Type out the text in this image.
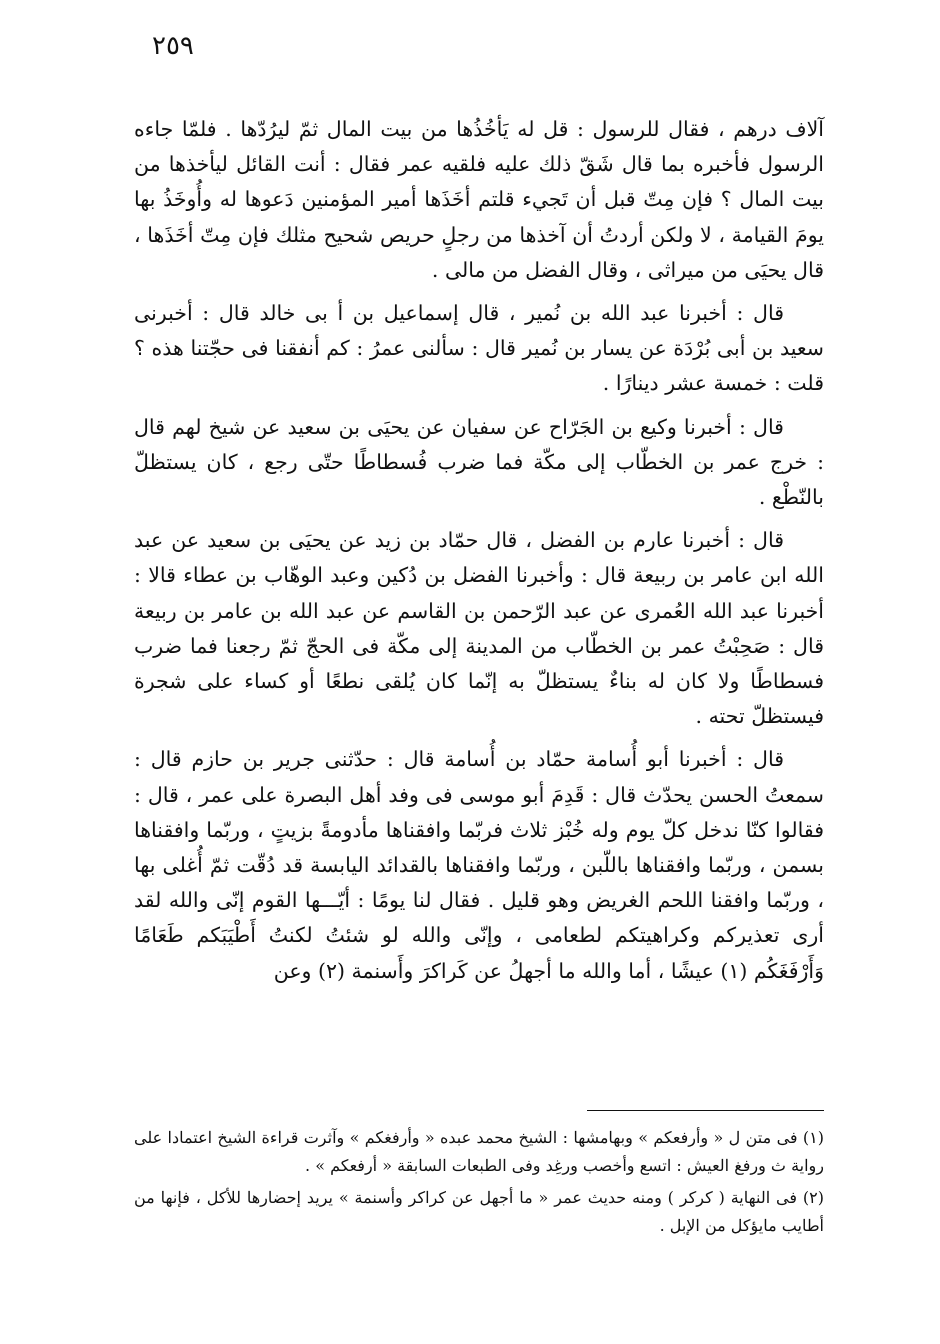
٢٥٩

آلاف درهم ، فقال للرسول : قل له يَأخُذُها من بيت المال ثمّ ليرُدّها . فلمّا جاءه الرسول فأخبره بما قال شَقّ ذلك عليه فلقيه عمر فقال : أنت القائل ليأخذها من بيت المال ؟ فإن مِتّ قبل أن تَجيء قلتم أخَذَها أمير المؤمنين دَعوها له وأُوخَذُ بها يومَ القيامة ، لا ولكن أردتُ أن آخذها من رجلٍ حريص شحيح مثلك فإن مِتّ أخَذَها ، قال يحيَى من ميراثى ، وقال الفضل من مالى .

قال : أخبرنا عبد الله بن نُمير ، قال إسماعيل بن أ بى خالد قال : أخبرنى سعيد بن أبى بُرْدَة عن يسار بن نُمير قال : سألنى عمرُ : كم أنفقنا فى حجّتنا هذه ؟ قلت : خمسة عشر دينارًا .

قال : أخبرنا وكيع بن الجَرّاح عن سفيان عن يحيَى بن سعيد عن شيخ لهم قال : خرج عمر بن الخطّاب إلى مكّة فما ضرب فُسطاطًا حتّى رجع ، كان يستظلّ بالنّطْع .

قال : أخبرنا عارم بن الفضل ، قال حمّاد بن زيد عن يحيَى بن سعيد عن عبد الله ابن عامر بن ربيعة قال : وأخبرنا الفضل بن دُكين وعبد الوهّاب بن عطاء قالا : أخبرنا عبد الله العُمرى عن عبد الرّحمن بن القاسم عن عبد الله بن عامر بن ربيعة قال : صَحِبْتُ عمر بن الخطّاب من المدينة إلى مكّة فى الحجّ ثمّ رجعنا فما ضرب فسطاطًا ولا كان له بناءٌ يستظلّ به إنّما كان يُلقى نطعًا أو كساء على شجرة فيستظلّ تحته .

قال : أخبرنا أبو أُسامة حمّاد بن أُسامة قال : حدّثنى جرير بن حازم قال : سمعتُ الحسن يحدّث قال : قَدِمَ أبو موسى فى وفد أهل البصرة على عمر ، قال : فقالوا كنّا ندخل كلّ يوم وله خُبْز ثلاث فربّما وافقناها مأدومةً بزيتٍ ، وربّما وافقناها بسمن ، وربّما وافقناها باللّبن ، وربّما وافقناها بالقدائد اليابسة قد دُقّت ثمّ أُغلى بها ، وربّما وافقنا اللحم الغريض وهو قليل . فقال لنا يومًا : أيّـــها القوم إنّى والله لقد أرى تعذيركم وكراهيتكم لطعامى ، وإنّى والله لو شئتُ لكنتُ أَطْيَبَكم طَعَامًا وَأَرْفَغَكُم (١) عيشًا ، أما والله ما أجهلُ عن كَراكرَ وأَسنمة (٢) وعن

(١) فى متن ل « وأرفعكم » وبهامشها : الشيخ محمد عبده « وأرفغكم » وآثرت قراءة الشيخ اعتمادا على رواية ث ورفغ العيش : اتسع وأخصب ورغِد وفى الطبعات السابقة « أرفعكم » .

(٢) فى النهاية ( كركر ) ومنه حديث عمر « ما أجهل عن كراكر وأسنمة » يريد إحضارها للأكل ، فإنها من أطايب مايؤكل من الإبل .
